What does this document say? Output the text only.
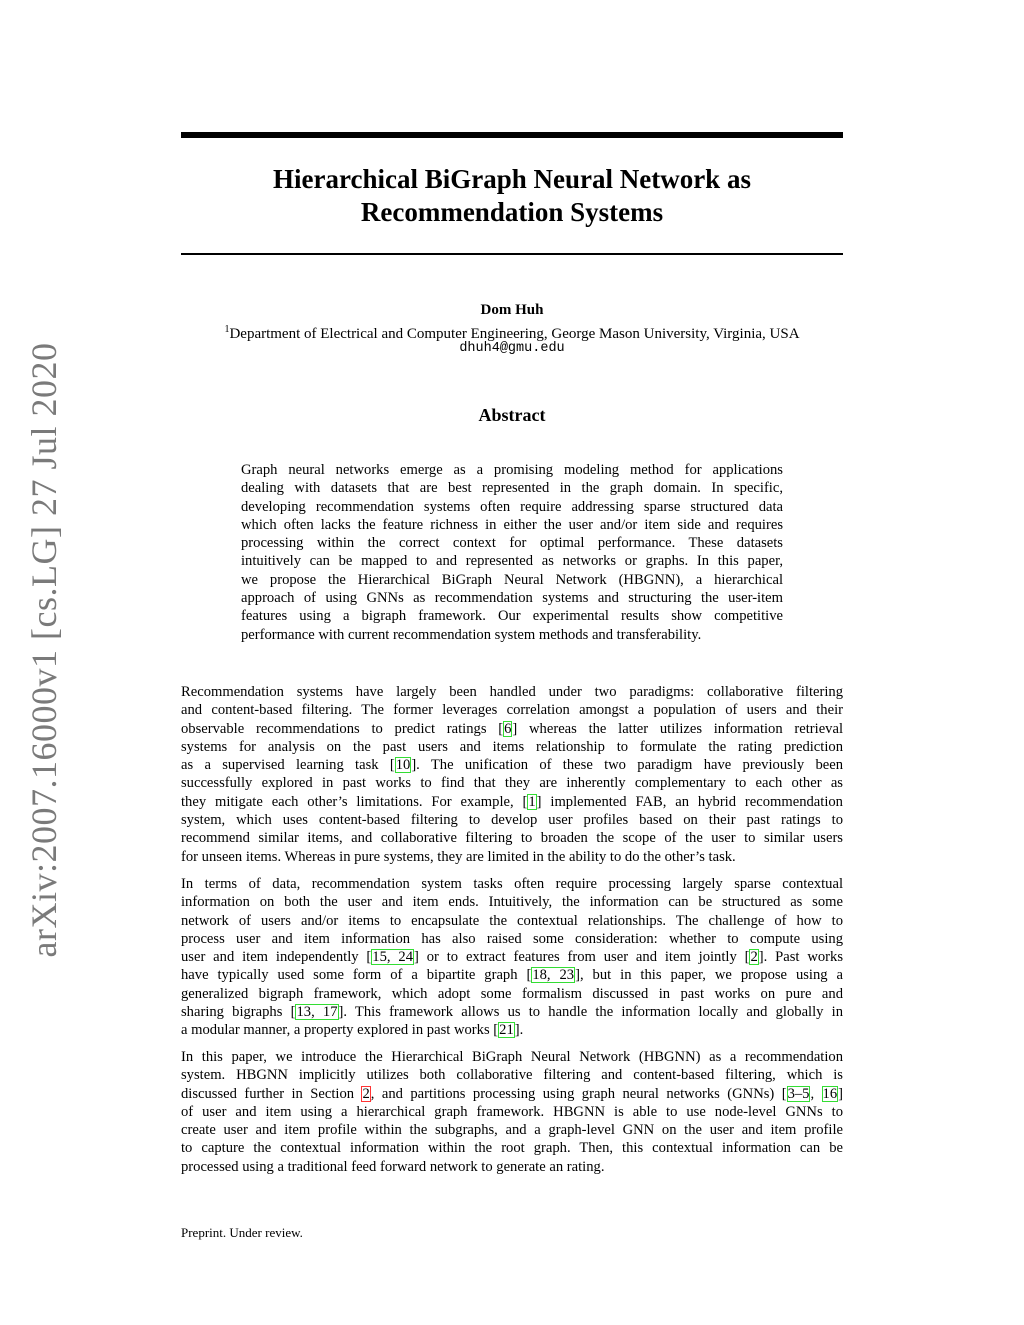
arXiv:2007.16000v1 [cs.LG] 27 Jul 2020
Hierarchical BiGraph Neural Network as
Recommendation Systems
Dom Huh
$^1$Department of Electrical and Computer Engineering, George Mason University, Virginia, USA
dhuh4@gmu.edu
Abstract
Graph neural networks emerge as a promising modeling method for applications
dealing with datasets that are best represented in the graph domain. In specific,
developing recommendation systems often require addressing sparse structured data
which often lacks the feature richness in either the user and/or item side and requires
processing within the correct context for optimal performance. These datasets
intuitively can be mapped to and represented as networks or graphs. In this paper,
we propose the Hierarchical BiGraph Neural Network (HBGNN), a hierarchical
approach of using GNNs as recommendation systems and structuring the user-item
features using a bigraph framework. Our experimental results show competitive
performance with current recommendation system methods and transferability.
Recommendation systems have largely been handled under two paradigms: collaborative filtering
and content-based filtering. The former leverages correlation amongst a population of users and their
observable recommendations to predict ratings [6] whereas the latter utilizes information retrieval
systems for analysis on the past users and items relationship to formulate the rating prediction
as a supervised learning task [10]. The unification of these two paradigm have previously been
successfully explored in past works to find that they are inherently complementary to each other as
they mitigate each other’s limitations. For example, [1] implemented FAB, an hybrid recommendation
system, which uses content-based filtering to develop user profiles based on their past ratings to
recommend similar items, and collaborative filtering to broaden the scope of the user to similar users
for unseen items. Whereas in pure systems, they are limited in the ability to do the other’s task.
In terms of data, recommendation system tasks often require processing largely sparse contextual
information on both the user and item ends. Intuitively, the information can be structured as some
network of users and/or items to encapsulate the contextual relationships. The challenge of how to
process user and item information has also raised some consideration: whether to compute using
user and item independently [15, 24] or to extract features from user and item jointly [2]. Past works
have typically used some form of a bipartite graph [18, 23], but in this paper, we propose using a
generalized bigraph framework, which adopt some formalism discussed in past works on pure and
sharing bigraphs [13, 17]. This framework allows us to handle the information locally and globally in
a modular manner, a property explored in past works [21].
In this paper, we introduce the Hierarchical BiGraph Neural Network (HBGNN) as a recommendation
system. HBGNN implicitly utilizes both collaborative filtering and content-based filtering, which is
discussed further in Section 2, and partitions processing using graph neural networks (GNNs) [3–5, 16]
of user and item using a hierarchical graph framework. HBGNN is able to use node-level GNNs to
create user and item profile within the subgraphs, and a graph-level GNN on the user and item profile
to capture the contextual information within the root graph. Then, this contextual information can be
processed using a traditional feed forward network to generate an rating.
Preprint. Under review.
